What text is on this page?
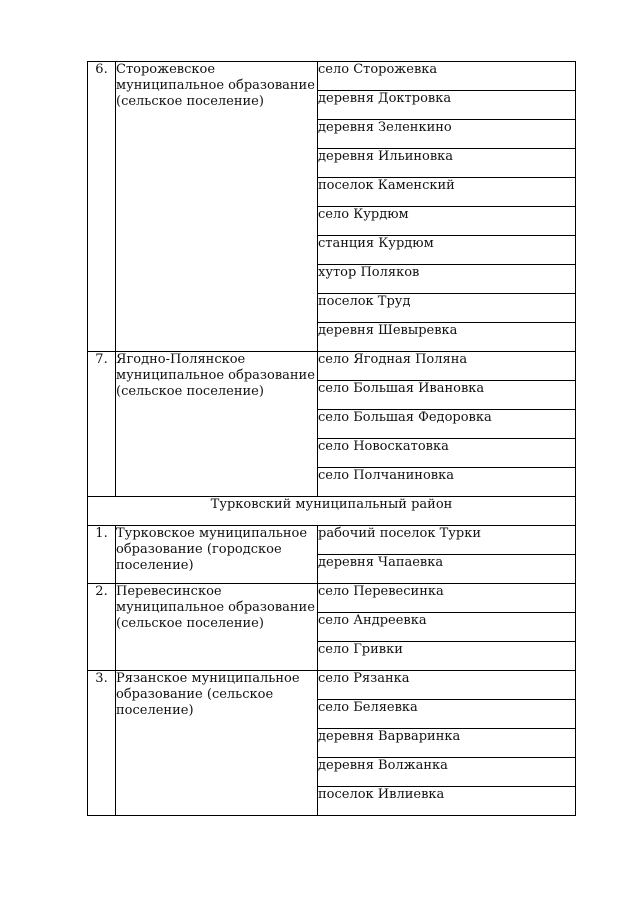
6.	Сторожевское муниципальное образование (сельское поселение)	село Сторожевка
		деревня Доктровка
		деревня Зеленкино
		деревня Ильиновка
		поселок Каменский
		село Курдюм
		станция Курдюм
		хутор Поляков
		поселок Труд
		деревня Шевыревка
7.	Ягодно-Полянское муниципальное образование (сельское поселение)	село Ягодная Поляна
		село Большая Ивановка
		село Большая Федоровка
		село Новоскатовка
		село Полчаниновка
Турковский муниципальный район		
1.	Турковское муниципальное образование (городское поселение)	рабочий поселок Турки
		деревня Чапаевка
2.	Перевесинское муниципальное образование (сельское поселение)	село Перевесинка
		село Андреевка
		село Гривки
3.	Рязанское муниципальное образование (сельское поселение)	село Рязанка
		село Беляевка
		деревня Варваринка
		деревня Волжанка
		поселок Ивлиевка
